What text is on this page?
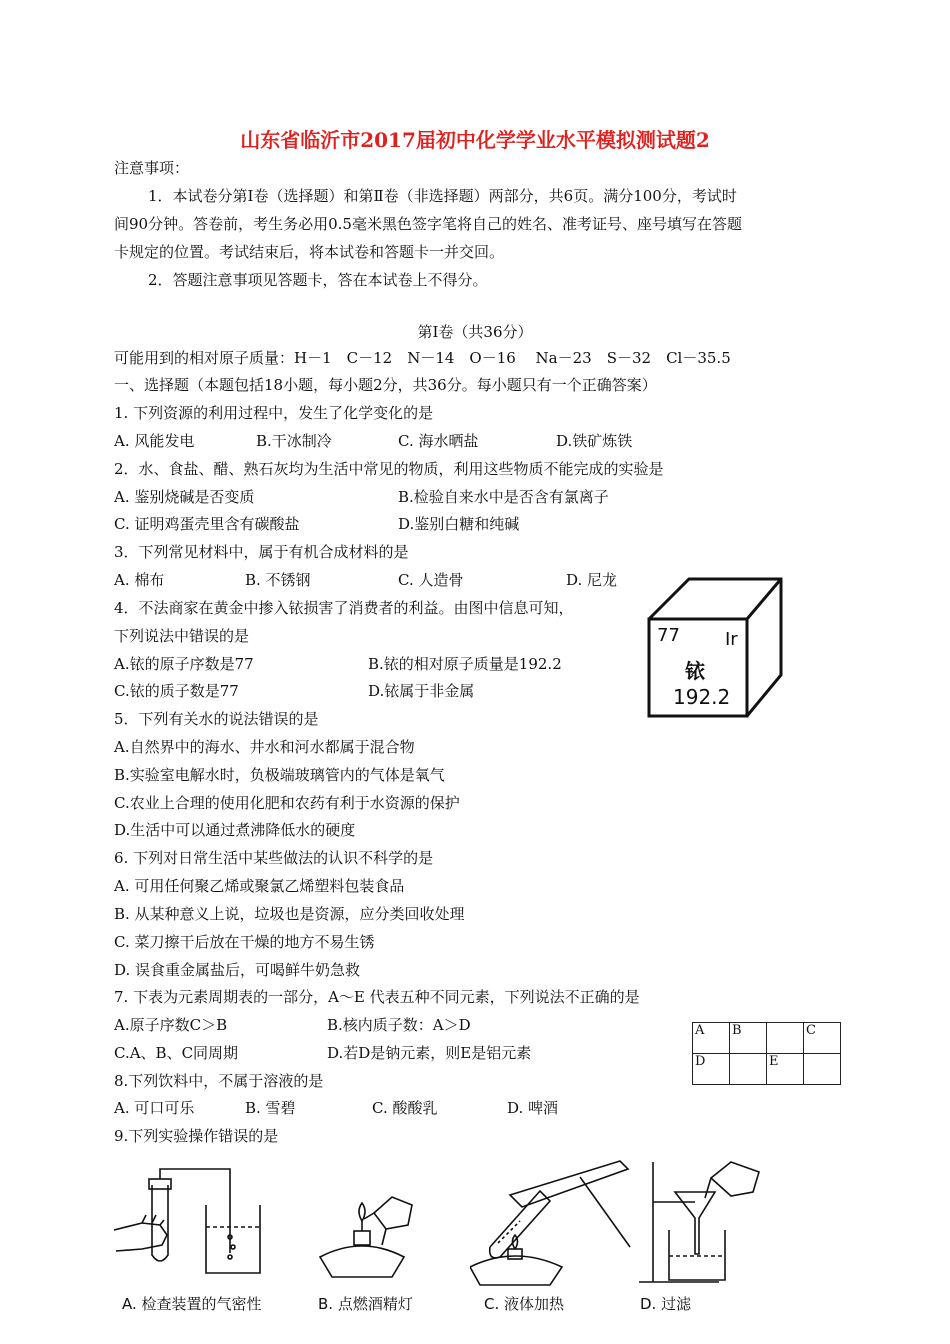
山东省临沂市2017届初中化学学业水平模拟测试题2
注意事项：
1．本试卷分第Ⅰ卷（选择题）和第Ⅱ卷（非选择题）两部分，共6页。满分100分，考试时
间90分钟。答卷前，考生务必用0.5毫米黑色签字笔将自己的姓名、准考证号、座号填写在答题
卡规定的位置。考试结束后，将本试卷和答题卡一并交回。
2．答题注意事项见答题卡，答在本试卷上不得分。
第Ⅰ卷（共36分）
可能用到的相对原子质量：H－1　C－12　N－14　O－16　 Na－23　S－32　Cl－35.5
一、选择题（本题包括18小题，每小题2分，共36分。每小题只有一个正确答案）
1. 下列资源的利用过程中，发生了化学变化的是
A. 风能发电	B.干冰制冷	C. 海水晒盐	D.铁矿炼铁
2．水、食盐、醋、熟石灰均为生活中常见的物质，利用这些物质不能完成的实验是
A. 鉴别烧碱是否变质	B.检验自来水中是否含有氯离子
C. 证明鸡蛋壳里含有碳酸盐	D.鉴别白糖和纯碱
3．下列常见材料中，属于有机合成材料的是
A. 棉布	B. 不锈钢	C. 人造骨	D. 尼龙
4．不法商家在黄金中掺入铱损害了消费者的利益。由图中信息可知，
下列说法中错误的是
A.铱的原子序数是77	B.铱的相对原子质量是192.2
C.铱的质子数是77	D.铱属于非金属
77	Ir
铱
192.2
5．下列有关水的说法错误的是
A.自然界中的海水、井水和河水都属于混合物
B.实验室电解水时，负极端玻璃管内的气体是氧气
C.农业上合理的使用化肥和农药有利于水资源的保护
D.生活中可以通过煮沸降低水的硬度
6. 下列对日常生活中某些做法的认识不科学的是
A. 可用任何聚乙烯或聚氯乙烯塑料包装食品
B. 从某种意义上说，垃圾也是资源，应分类回收处理
C. 菜刀擦干后放在干燥的地方不易生锈
D. 误食重金属盐后，可喝鲜牛奶急救
7. 下表为元素周期表的一部分，A～E 代表五种不同元素，下列说法不正确的是
A.原子序数C＞B	B.核内质子数：A＞D
C.A、B、C同周期	D.若D是钠元素，则E是铝元素
A	B		C
D		E	
8.下列饮料中，不属于溶液的是
A. 可口可乐	B. 雪碧	C. 酸酸乳	D. 啤酒
9.下列实验操作错误的是
A. 检查装置的气密性	B. 点燃酒精灯	C. 液体加热	D. 过滤
